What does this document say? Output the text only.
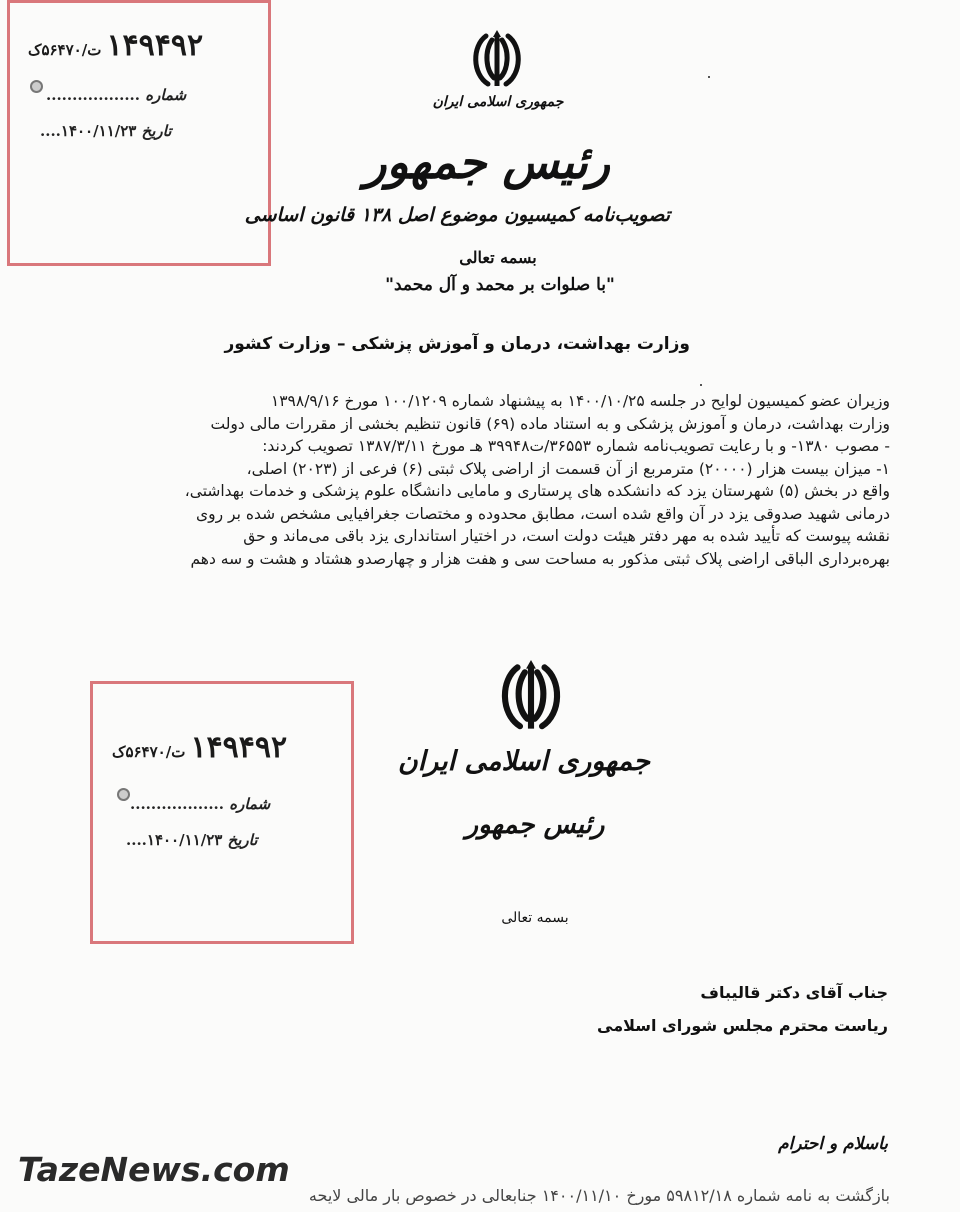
۱۴۹۴۹۲ ت/۵۶۴۷۰ک
شماره ..................
تاریخ ۱۴۰۰/۱۱/۲۳....
جمهوری اسلامی ایران
رئیس جمهور
تصویب‌نامه کمیسیون موضوع اصل ۱۳۸ قانون اساسی
بسمه تعالی
"با صلوات بر محمد و آل محمد"
وزارت بهداشت، درمان و آموزش پزشکی – وزارت کشور

وزیران عضو کمیسیون لوایح در جلسه ۱۴۰۰/۱۰/۲۵ به پیشنهاد شماره ۱۰۰/۱۲۰۹ مورخ ۱۳۹۸/۹/۱۶

وزارت بهداشت، درمان و آموزش پزشکی و به استناد ماده (۶۹) قانون تنظیم بخشی از مقررات مالی دولت

- مصوب ۱۳۸۰- و با رعایت تصویب‌نامه شماره ۳۶۵۵۳/ت۳۹۹۴۸ هـ مورخ ۱۳۸۷/۳/۱۱ تصویب کردند:

۱- میزان بیست هزار (۲۰۰۰۰) مترمربع از آن قسمت از اراضی پلاک ثبتی (۶) فرعی از (۲۰۲۳) اصلی،

واقع در بخش (۵) شهرستان یزد که دانشکده های پرستاری و مامایی دانشگاه علوم پزشکی و خدمات بهداشتی،

درمانی شهید صدوقی یزد در آن واقع شده است، مطابق محدوده و مختصات جغرافیایی مشخص شده بر روی

نقشه پیوست که تأیید شده به مهر دفتر هیئت دولت است، در اختیار استانداری یزد باقی می‌ماند و حق

بهره‌برداری الباقی اراضی پلاک ثبتی مذکور به مساحت سی و هفت هزار و چهارصدو هشتاد و هشت و سه دهم

۱۴۹۴۹۲ ت/۵۶۴۷۰ک
شماره ..................
تاریخ ۱۴۰۰/۱۱/۲۳....
جمهوری اسلامی ایران
رئیس جمهور
بسمه تعالی
جناب آقای دکتر قالیباف
ریاست محترم مجلس شورای اسلامی
باسلام و احترام
بازگشت به نامه شماره ۵۹۸۱۲/۱۸ مورخ ۱۴۰۰/۱۱/۱۰ جنابعالی در خصوص بار مالی لایحه
TazeNews.com
